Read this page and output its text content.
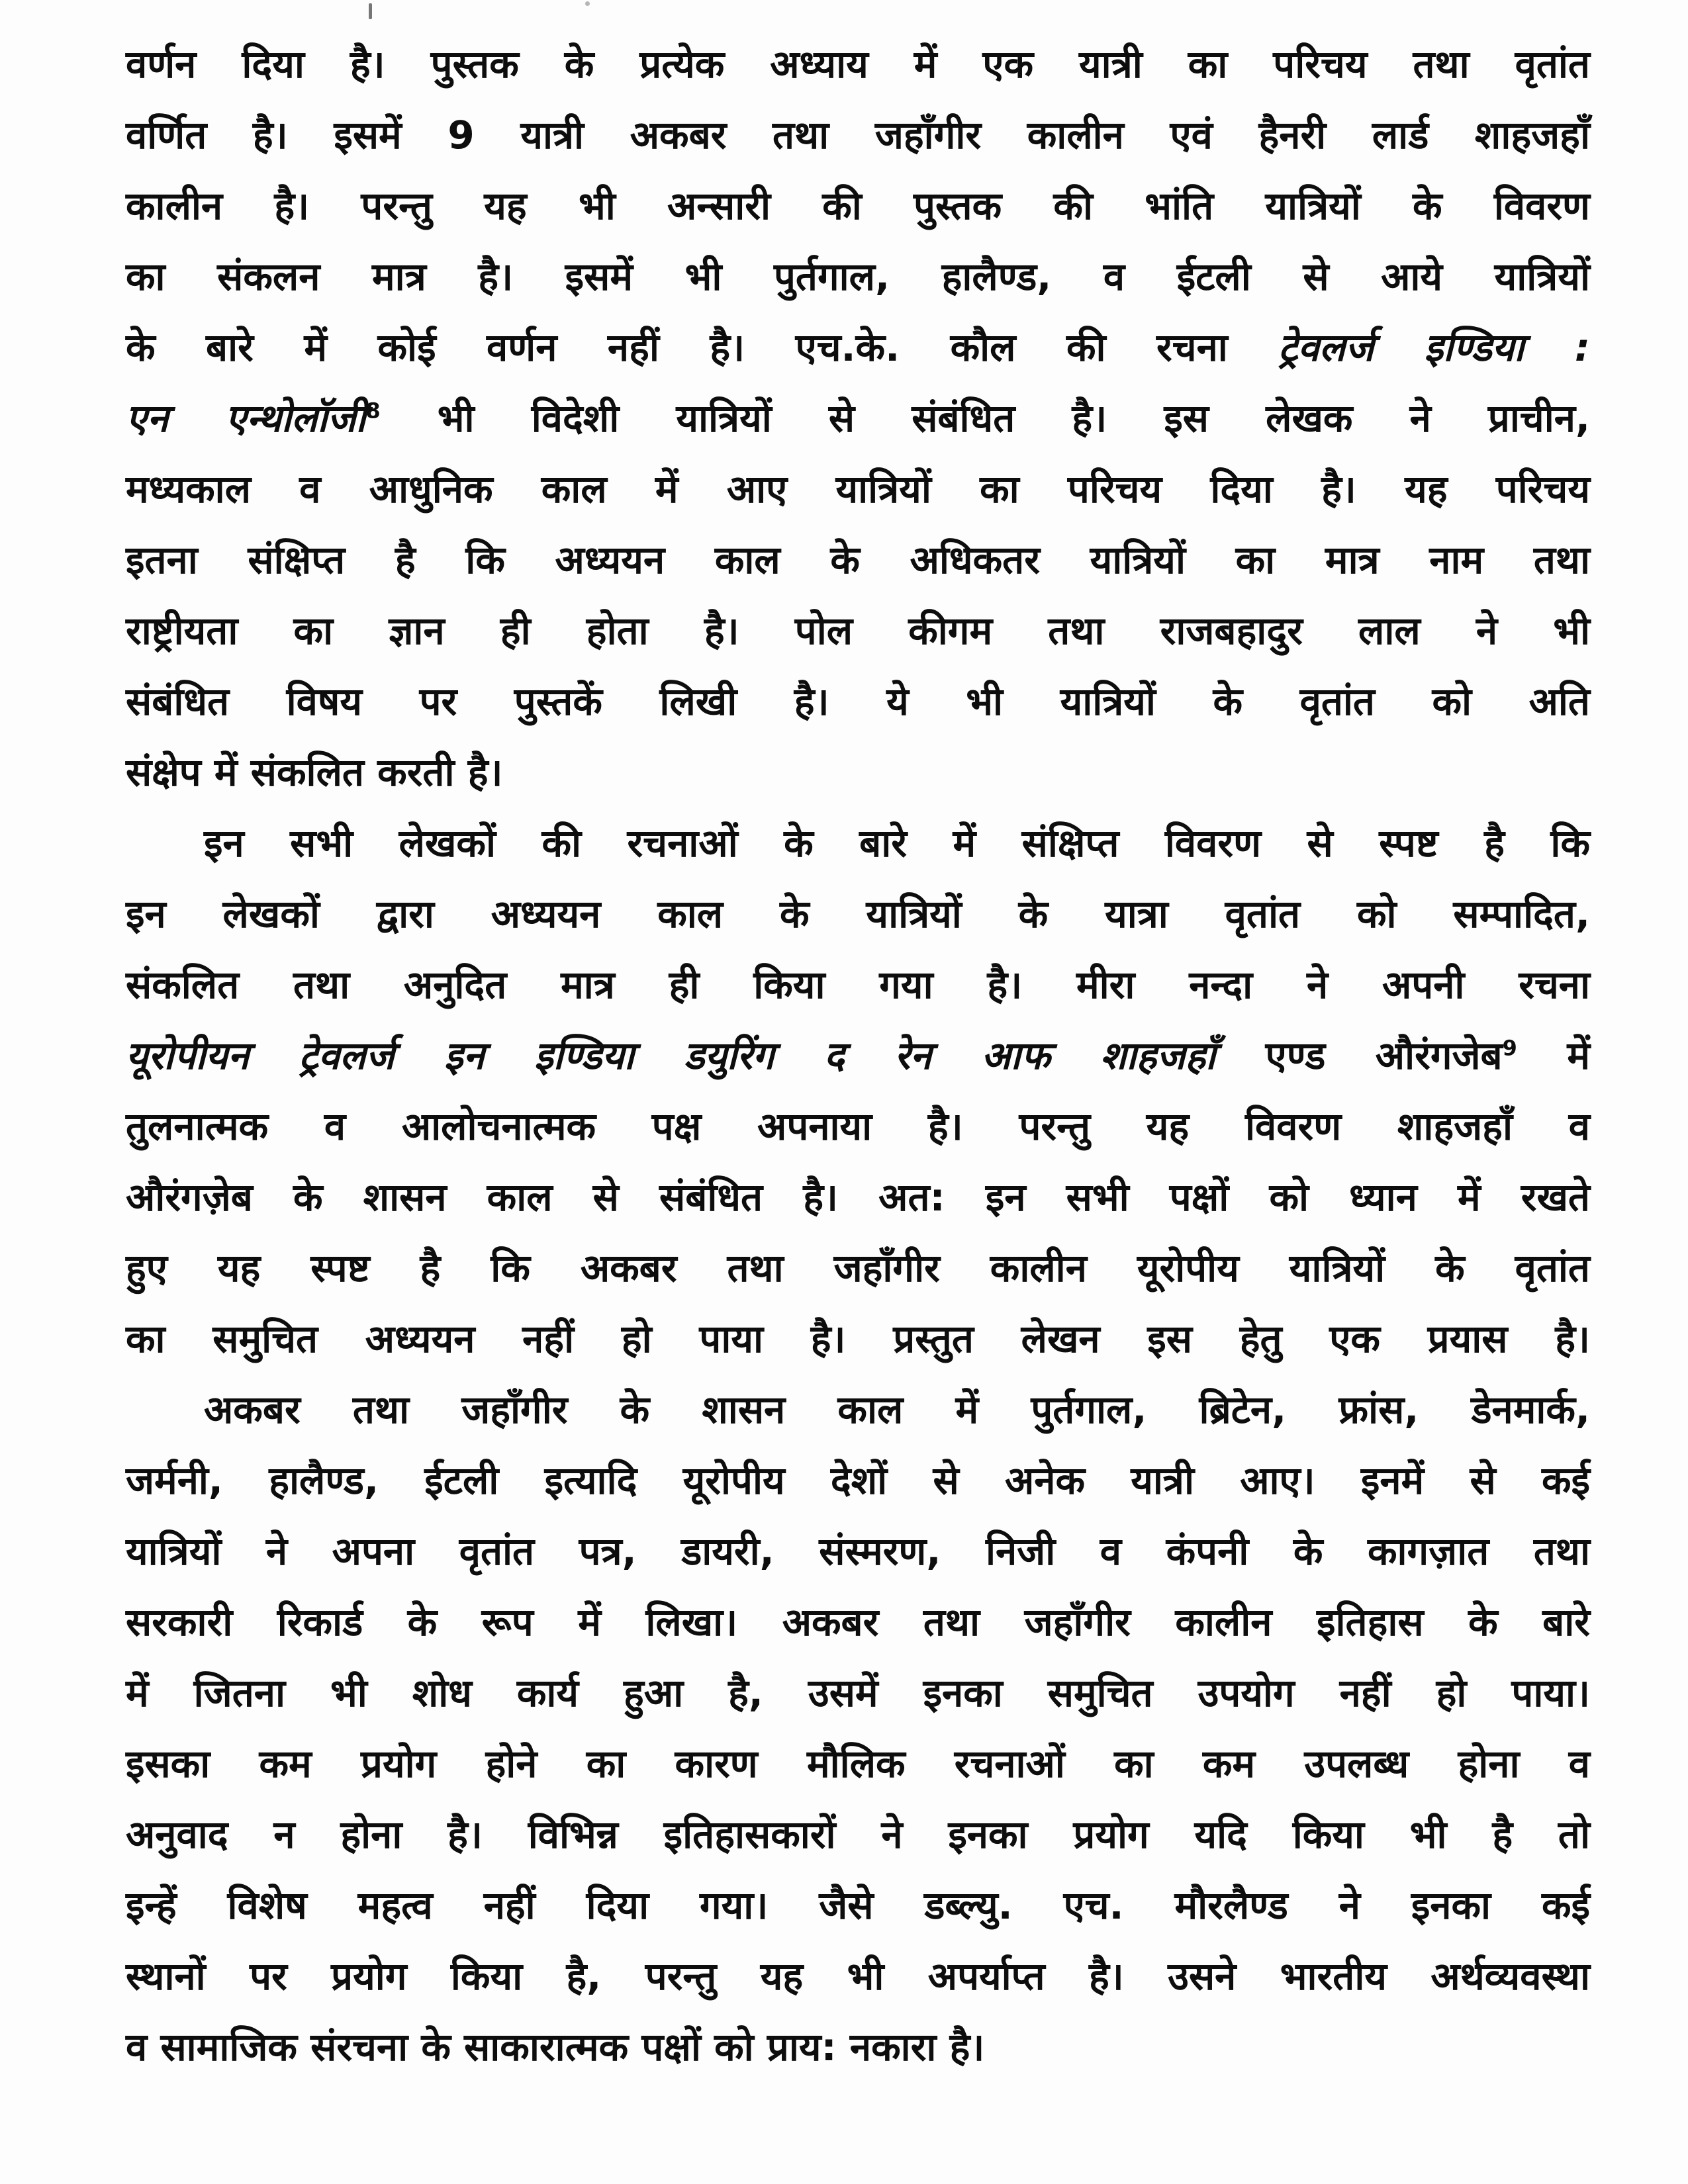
वर्णन दिया है। पुस्तक के प्रत्येक अध्याय में एक यात्री का परिचय तथा वृतांत
वर्णित है। इसमें 9 यात्री अकबर तथा जहाँगीर कालीन एवं हैनरी लार्ड शाहजहाँ
कालीन है। परन्तु यह भी अन्सारी की पुस्तक की भांति यात्रियों के विवरण
का संकलन मात्र है। इसमें भी पुर्तगाल, हालैण्ड, व ईटली से आये यात्रियों
के बारे में कोई वर्णन नहीं है। एच.के. कौल की रचना ट्रेवलर्ज इण्डिया :
एन एन्थोलॉजी$^8$ भी विदेशी यात्रियों से संबंधित है। इस लेखक ने प्राचीन,
मध्यकाल व आधुनिक काल में आए यात्रियों का परिचय दिया है। यह परिचय
इतना संक्षिप्त है कि अध्ययन काल के अधिकतर यात्रियों का मात्र नाम तथा
राष्ट्रीयता का ज्ञान ही होता है। पोल कीगम तथा राजबहादुर लाल ने भी
संबंधित विषय पर पुस्तकें लिखी है। ये भी यात्रियों के वृतांत को अति
संक्षेप में संकलित करती है।
इन सभी लेखकों की रचनाओं के बारे में संक्षिप्त विवरण से स्पष्ट है कि
इन लेखकों द्वारा अध्ययन काल के यात्रियों के यात्रा वृतांत को सम्पादित,
संकलित तथा अनुदित मात्र ही किया गया है। मीरा नन्दा ने अपनी रचना
यूरोपीयन ट्रेवलर्ज इन इण्डिया डयुरिंग द रेन आफ शाहजहाँ एण्ड औरंगजेब$^9$ में
तुलनात्मक व आलोचनात्मक पक्ष अपनाया है। परन्तु यह विवरण शाहजहाँ व
औरंगज़ेब के शासन काल से संबंधित है। अत: इन सभी पक्षों को ध्यान में रखते
हुए यह स्पष्ट है कि अकबर तथा जहाँगीर कालीन यूरोपीय यात्रियों के वृतांत
का समुचित अध्ययन नहीं हो पाया है। प्रस्तुत लेखन इस हेतु एक प्रयास है।
अकबर तथा जहाँगीर के शासन काल में पुर्तगाल, ब्रिटेन, फ्रांस, डेनमार्क,
जर्मनी, हालैण्ड, ईटली इत्यादि यूरोपीय देशों से अनेक यात्री आए। इनमें से कई
यात्रियों ने अपना वृतांत पत्र, डायरी, संस्मरण, निजी व कंपनी के कागज़ात तथा
सरकारी रिकार्ड के रूप में लिखा। अकबर तथा जहाँगीर कालीन इतिहास के बारे
में जितना भी शोध कार्य हुआ है, उसमें इनका समुचित उपयोग नहीं हो पाया।
इसका कम प्रयोग होने का कारण मौलिक रचनाओं का कम उपलब्ध होना व
अनुवाद न होना है। विभिन्न इतिहासकारों ने इनका प्रयोग यदि किया भी है तो
इन्हें विशेष महत्व नहीं दिया गया। जैसे डब्ल्यु. एच. मौरलैण्ड ने इनका कई
स्थानों पर प्रयोग किया है, परन्तु यह भी अपर्याप्त है। उसने भारतीय अर्थव्यवस्था
व सामाजिक संरचना के साकारात्मक पक्षों को प्राय: नकारा है।
